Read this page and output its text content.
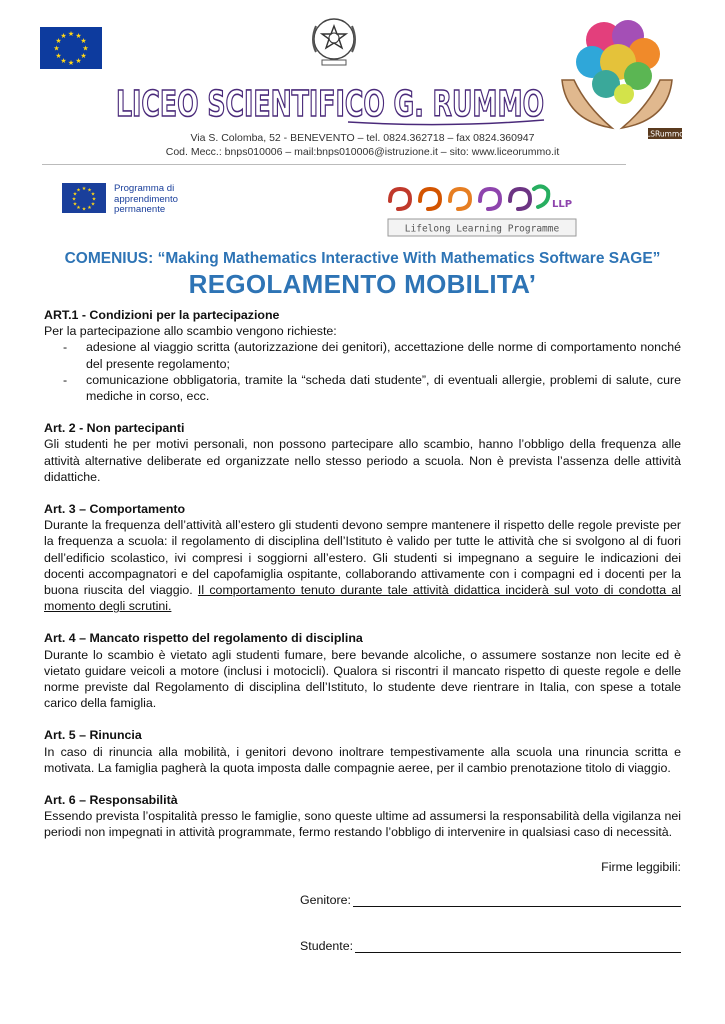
★ ★
★
★
★
★
★
★
★
★
★
★
LICEO SCIENTIFICO G. RUMMO
LSRummo
Via S. Colomba, 52 - BENEVENTO – tel. 0824.362718 – fax 0824.360947
Cod. Mecc.: bnps010006 – mail:bnps010006@istruzione.it – sito: www.liceorummo.it
★ ★
★
★
★
★
★
★
★
★
★
★	Programma di
apprendimento
permanente	LLP
Lifelong Learning Programme
COMENIUS: “Making Mathematics Interactive With Mathematics Software SAGE”
REGOLAMENTO MOBILITA’

ART.1 - Condizioni per la partecipazione

Per la partecipazione allo scambio vengono richieste:

- adesione al viaggio scritta (autorizzazione dei genitori), accettazione delle norme di comportamento nonché del presente regolamento;
- comunicazione obbligatoria, tramite la “scheda dati studente”, di eventuali allergie, problemi di salute, cure mediche in corso, ecc.

Art. 2 - Non partecipanti

Gli studenti he per motivi personali, non possono partecipare allo scambio, hanno l’obbligo della frequenza alle attività alternative deliberate ed organizzate nello stesso periodo a scuola. Non è prevista l’assenza delle attività didattiche.

Art. 3 – Comportamento

Durante la frequenza dell’attività all’estero gli studenti devono sempre mantenere il rispetto delle regole previste per la frequenza a scuola: il regolamento di disciplina dell’Istituto è valido per tutte le attività che si svolgono al di fuori dell’edificio scolastico, ivi compresi i soggiorni all’estero. Gli studenti si impegnano a seguire le indicazioni dei docenti accompagnatori e del capofamiglia ospitante, collaborando attivamente con i compagni ed i docenti per la buona riuscita del viaggio. Il comportamento tenuto durante tale attività didattica inciderà sul voto di condotta al momento degli scrutini.

Art. 4 – Mancato rispetto del regolamento di disciplina

Durante lo scambio è vietato agli studenti fumare, bere bevande alcoliche, o assumere sostanze non lecite ed è vietato guidare veicoli a motore (inclusi i motocicli). Qualora si riscontri il mancato rispetto di queste regole e delle norme previste dal Regolamento di disciplina dell’Istituto, lo studente deve rientrare in Italia, con spese a totale carico della famiglia.

Art. 5 – Rinuncia

In caso di rinuncia alla mobilità, i genitori devono inoltrare tempestivamente alla scuola una rinuncia scritta e motivata. La famiglia pagherà la quota imposta dalle compagnie aeree, per il cambio prenotazione titolo di viaggio.

Art. 6 – Responsabilità

Essendo prevista l’ospitalità presso le famiglie, sono queste ultime ad assumersi la responsabilità della vigilanza nei periodi non impegnati in attività programmate, fermo restando l’obbligo di intervenire in qualsiasi caso di necessità.

Firme leggibili:
Genitore:
Studente:
